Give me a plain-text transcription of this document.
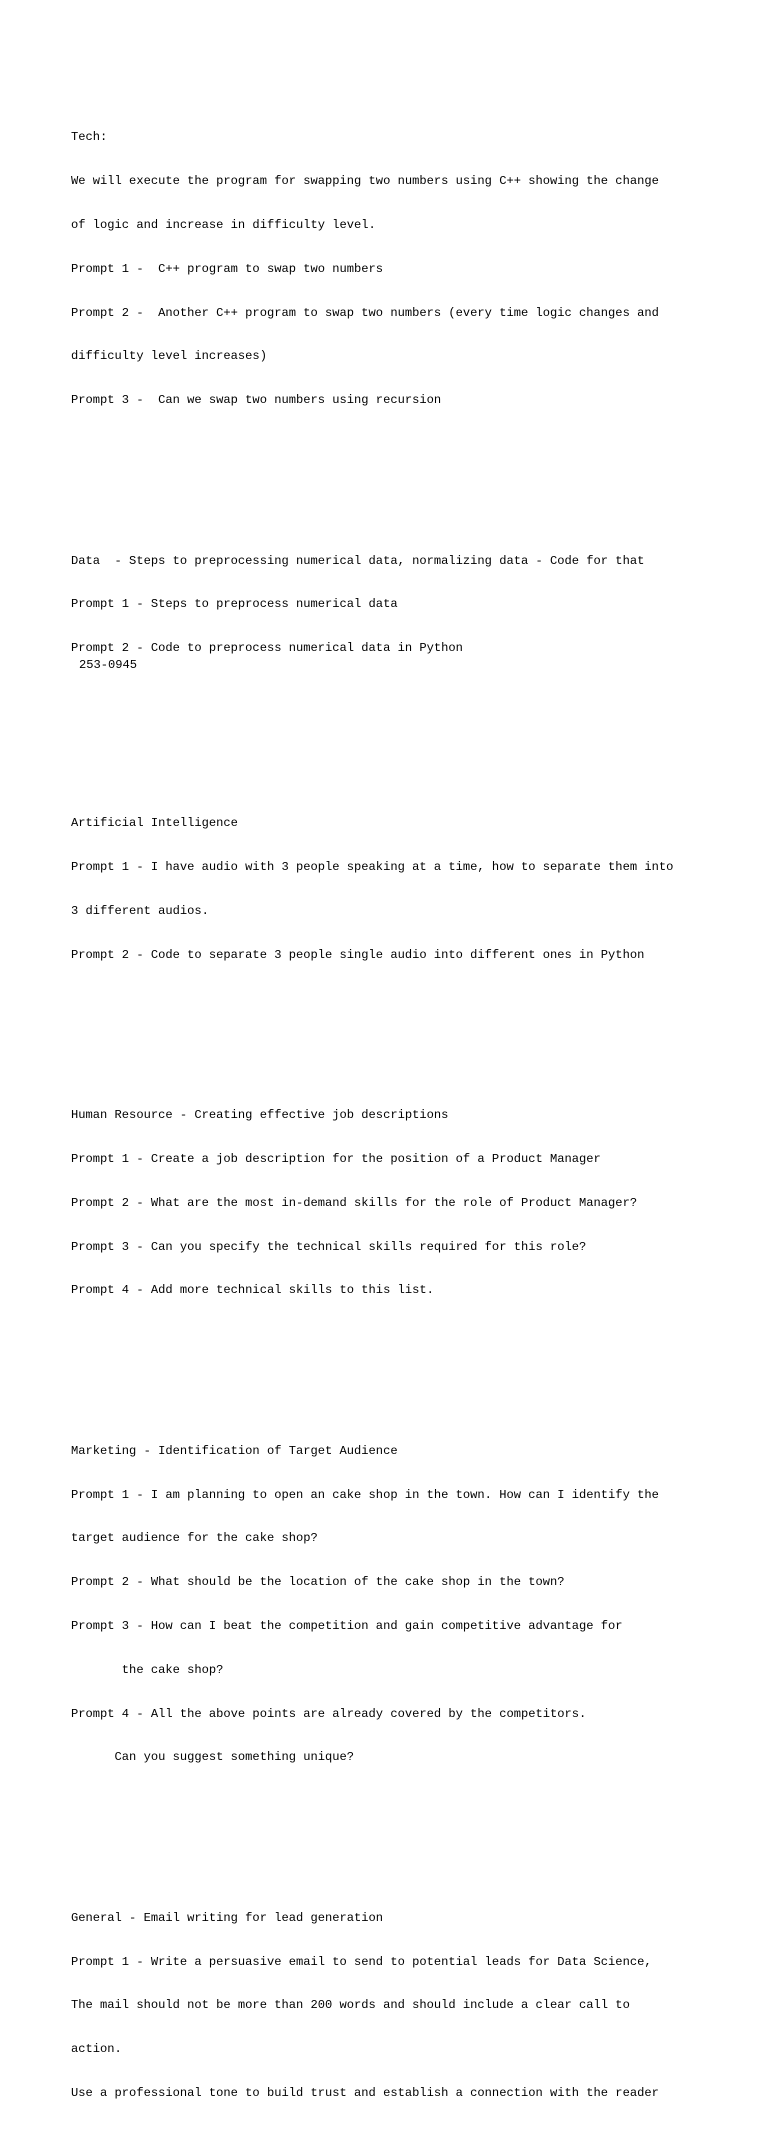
Tech:

We will execute the program for swapping two numbers using C++ showing the change

of logic and increase in difficulty level.

Prompt 1 -  C++ program to swap two numbers

Prompt 2 -  Another C++ program to swap two numbers (every time logic changes and

difficulty level increases)

Prompt 3 -  Can we swap two numbers using recursion

Data  - Steps to preprocessing numerical data, normalizing data - Code for that

Prompt 1 - Steps to preprocess numerical data

Prompt 2 - Code to preprocess numerical data in Python

Artificial Intelligence

Prompt 1 - I have audio with 3 people speaking at a time, how to separate them into

3 different audios.

Prompt 2 - Code to separate 3 people single audio into different ones in Python

Human Resource - Creating effective job descriptions

Prompt 1 - Create a job description for the position of a Product Manager

Prompt 2 - What are the most in-demand skills for the role of Product Manager?

Prompt 3 - Can you specify the technical skills required for this role?

Prompt 4 - Add more technical skills to this list.

Marketing - Identification of Target Audience

Prompt 1 - I am planning to open an cake shop in the town. How can I identify the

target audience for the cake shop?

Prompt 2 - What should be the location of the cake shop in the town?

Prompt 3 - How can I beat the competition and gain competitive advantage for

the cake shop?

Prompt 4 - All the above points are already covered by the competitors.

Can you suggest something unique?

General - Email writing for lead generation

Prompt 1 - Write a persuasive email to send to potential leads for Data Science,

The mail should not be more than 200 words and should include a clear call to

action.

Use a professional tone to build trust and establish a connection with the reader

253-0945
